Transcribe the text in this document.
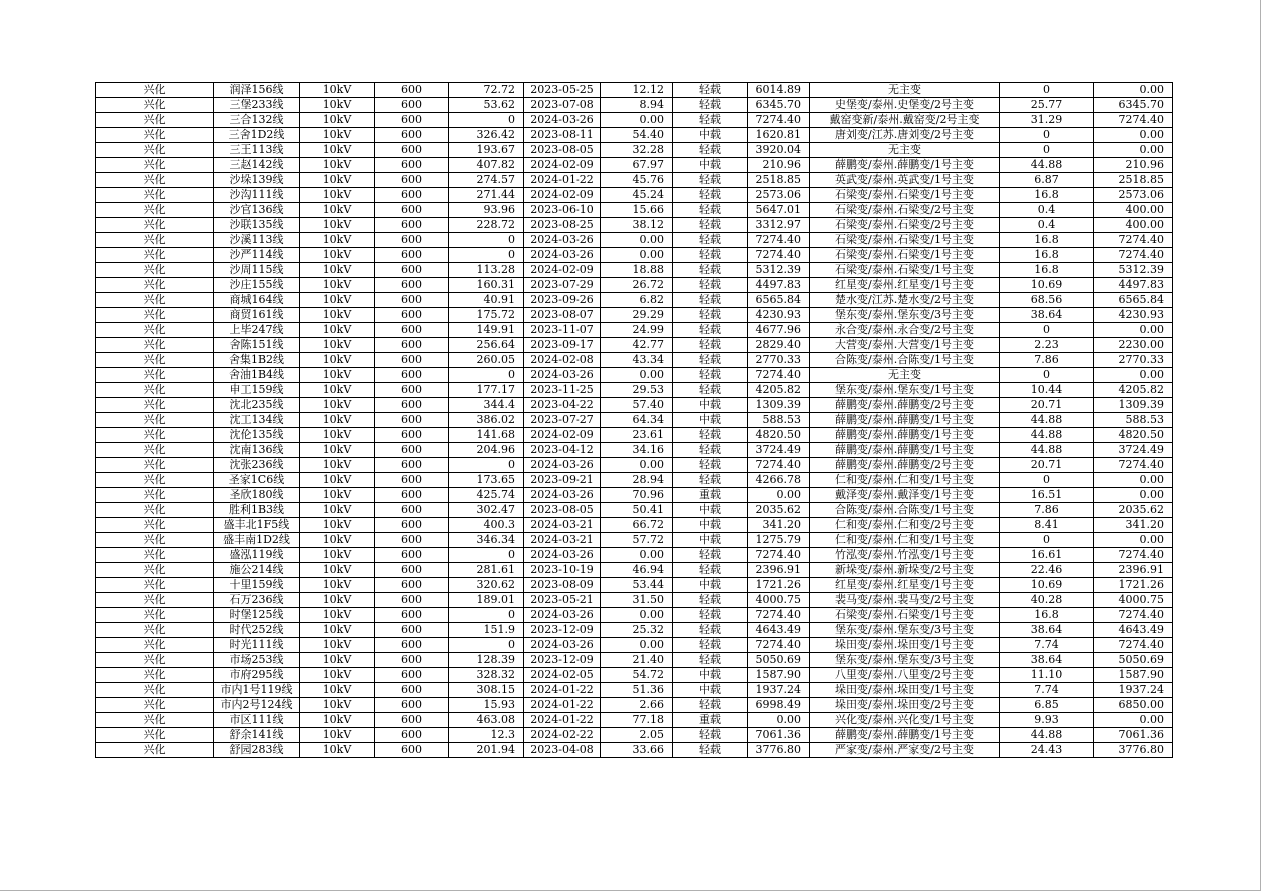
兴化	润泽156线	10kV	600	72.72	2023-05-25	12.12	轻载	6014.89	无主变	0	0.00
兴化	三堡233线	10kV	600	53.62	2023-07-08	8.94	轻载	6345.70	史堡变/泰州.史堡变/2号主变	25.77	6345.70
兴化	三合132线	10kV	600	0	2024-03-26	0.00	轻载	7274.40	戴窑变新/泰州.戴窑变/2号主变	31.29	7274.40
兴化	三舍1D2线	10kV	600	326.42	2023-08-11	54.40	中载	1620.81	唐刘变/江苏.唐刘变/2号主变	0	0.00
兴化	三王113线	10kV	600	193.67	2023-08-05	32.28	轻载	3920.04	无主变	0	0.00
兴化	三赵142线	10kV	600	407.82	2024-02-09	67.97	中载	210.96	薛鹏变/泰州.薛鹏变/1号主变	44.88	210.96
兴化	沙垛139线	10kV	600	274.57	2024-01-22	45.76	轻载	2518.85	英武变/泰州.英武变/1号主变	6.87	2518.85
兴化	沙沟111线	10kV	600	271.44	2024-02-09	45.24	轻载	2573.06	石梁变/泰州.石梁变/1号主变	16.8	2573.06
兴化	沙官136线	10kV	600	93.96	2023-06-10	15.66	轻载	5647.01	石梁变/泰州.石梁变/2号主变	0.4	400.00
兴化	沙联135线	10kV	600	228.72	2023-08-25	38.12	轻载	3312.97	石梁变/泰州.石梁变/2号主变	0.4	400.00
兴化	沙溪113线	10kV	600	0	2024-03-26	0.00	轻载	7274.40	石梁变/泰州.石梁变/1号主变	16.8	7274.40
兴化	沙严114线	10kV	600	0	2024-03-26	0.00	轻载	7274.40	石梁变/泰州.石梁变/1号主变	16.8	7274.40
兴化	沙周115线	10kV	600	113.28	2024-02-09	18.88	轻载	5312.39	石梁变/泰州.石梁变/1号主变	16.8	5312.39
兴化	沙庄155线	10kV	600	160.31	2023-07-29	26.72	轻载	4497.83	红星变/泰州.红星变/1号主变	10.69	4497.83
兴化	商城164线	10kV	600	40.91	2023-09-26	6.82	轻载	6565.84	楚水变/江苏.楚水变/2号主变	68.56	6565.84
兴化	商贸161线	10kV	600	175.72	2023-08-07	29.29	轻载	4230.93	堡东变/泰州.堡东变/3号主变	38.64	4230.93
兴化	上毕247线	10kV	600	149.91	2023-11-07	24.99	轻载	4677.96	永合变/泰州.永合变/2号主变	0	0.00
兴化	舍陈151线	10kV	600	256.64	2023-09-17	42.77	轻载	2829.40	大营变/泰州.大营变/1号主变	2.23	2230.00
兴化	舍集1B2线	10kV	600	260.05	2024-02-08	43.34	轻载	2770.33	合陈变/泰州.合陈变/1号主变	7.86	2770.33
兴化	舍油1B4线	10kV	600	0	2024-03-26	0.00	轻载	7274.40	无主变	0	0.00
兴化	申工159线	10kV	600	177.17	2023-11-25	29.53	轻载	4205.82	堡东变/泰州.堡东变/1号主变	10.44	4205.82
兴化	沈北235线	10kV	600	344.4	2023-04-22	57.40	中载	1309.39	薛鹏变/泰州.薛鹏变/2号主变	20.71	1309.39
兴化	沈工134线	10kV	600	386.02	2023-07-27	64.34	中载	588.53	薛鹏变/泰州.薛鹏变/1号主变	44.88	588.53
兴化	沈伦135线	10kV	600	141.68	2024-02-09	23.61	轻载	4820.50	薛鹏变/泰州.薛鹏变/1号主变	44.88	4820.50
兴化	沈南136线	10kV	600	204.96	2023-04-12	34.16	轻载	3724.49	薛鹏变/泰州.薛鹏变/1号主变	44.88	3724.49
兴化	沈张236线	10kV	600	0	2024-03-26	0.00	轻载	7274.40	薛鹏变/泰州.薛鹏变/2号主变	20.71	7274.40
兴化	圣家1C6线	10kV	600	173.65	2023-09-21	28.94	轻载	4266.78	仁和变/泰州.仁和变/1号主变	0	0.00
兴化	圣欣180线	10kV	600	425.74	2024-03-26	70.96	重载	0.00	戴泽变/泰州.戴泽变/1号主变	16.51	0.00
兴化	胜利1B3线	10kV	600	302.47	2023-08-05	50.41	中载	2035.62	合陈变/泰州.合陈变/1号主变	7.86	2035.62
兴化	盛丰北1F5线	10kV	600	400.3	2024-03-21	66.72	中载	341.20	仁和变/泰州.仁和变/2号主变	8.41	341.20
兴化	盛丰南1D2线	10kV	600	346.34	2024-03-21	57.72	中载	1275.79	仁和变/泰州.仁和变/1号主变	0	0.00
兴化	盛泓119线	10kV	600	0	2024-03-26	0.00	轻载	7274.40	竹泓变/泰州.竹泓变/1号主变	16.61	7274.40
兴化	施公214线	10kV	600	281.61	2023-10-19	46.94	轻载	2396.91	新垛变/泰州.新垛变/2号主变	22.46	2396.91
兴化	十里159线	10kV	600	320.62	2023-08-09	53.44	中载	1721.26	红星变/泰州.红星变/1号主变	10.69	1721.26
兴化	石万236线	10kV	600	189.01	2023-05-21	31.50	轻载	4000.75	裴马变/泰州.裴马变/2号主变	40.28	4000.75
兴化	时堡125线	10kV	600	0	2024-03-26	0.00	轻载	7274.40	石梁变/泰州.石梁变/1号主变	16.8	7274.40
兴化	时代252线	10kV	600	151.9	2023-12-09	25.32	轻载	4643.49	堡东变/泰州.堡东变/3号主变	38.64	4643.49
兴化	时光111线	10kV	600	0	2024-03-26	0.00	轻载	7274.40	垛田变/泰州.垛田变/1号主变	7.74	7274.40
兴化	市场253线	10kV	600	128.39	2023-12-09	21.40	轻载	5050.69	堡东变/泰州.堡东变/3号主变	38.64	5050.69
兴化	市府295线	10kV	600	328.32	2024-02-05	54.72	中载	1587.90	八里变/泰州.八里变/2号主变	11.10	1587.90
兴化	市内1号119线	10kV	600	308.15	2024-01-22	51.36	中载	1937.24	垛田变/泰州.垛田变/1号主变	7.74	1937.24
兴化	市内2号124线	10kV	600	15.93	2024-01-22	2.66	轻载	6998.49	垛田变/泰州.垛田变/2号主变	6.85	6850.00
兴化	市区111线	10kV	600	463.08	2024-01-22	77.18	重载	0.00	兴化变/泰州.兴化变/1号主变	9.93	0.00
兴化	舒余141线	10kV	600	12.3	2024-02-22	2.05	轻载	7061.36	薛鹏变/泰州.薛鹏变/1号主变	44.88	7061.36
兴化	舒园283线	10kV	600	201.94	2023-04-08	33.66	轻载	3776.80	严家变/泰州.严家变/2号主变	24.43	3776.80
